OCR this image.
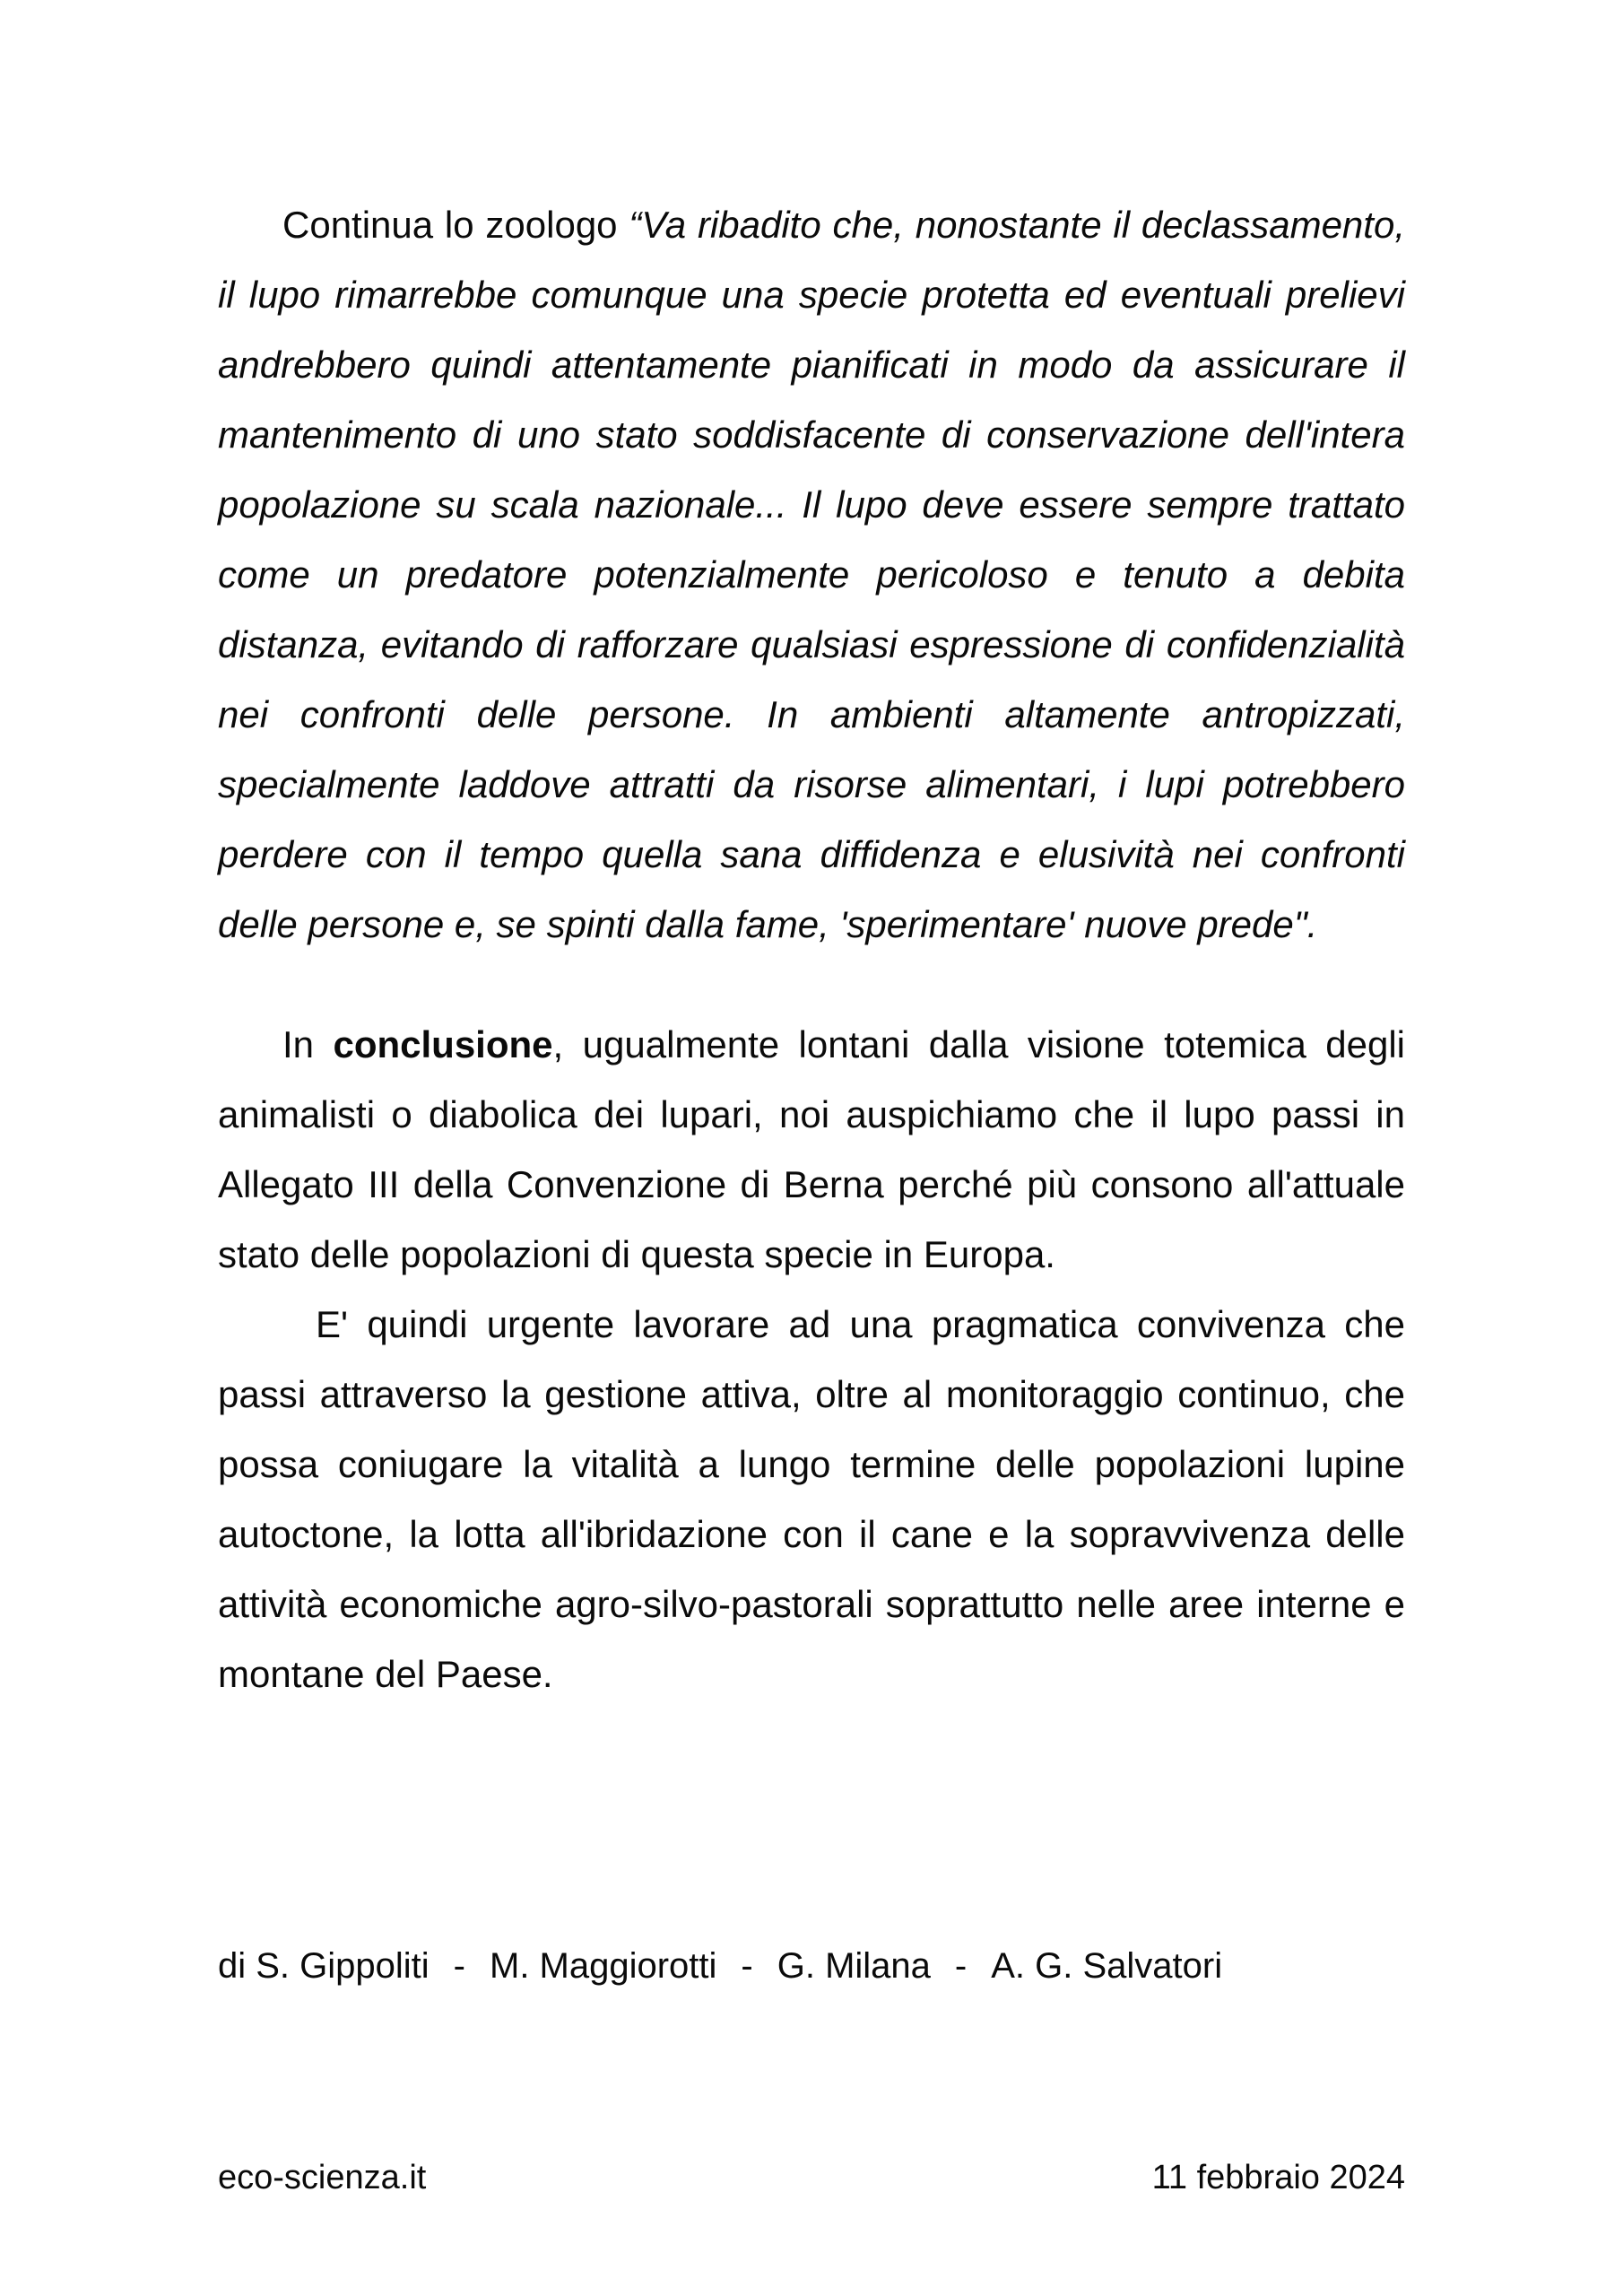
Continua lo zoologo “Va ribadito che, nonostante il declassamento, il lupo rimarrebbe comunque una specie protetta ed eventuali prelievi andrebbero quindi attentamente pianificati in modo da assicurare il mantenimento di uno stato soddisfacente di conservazione dell'intera popolazione su scala nazionale... Il lupo deve essere sempre trattato come un predatore potenzialmente pericoloso e tenuto a debita distanza, evitando di rafforzare qualsiasi espressione di confidenzialità nei confronti delle persone. In ambienti altamente antropizzati, specialmente laddove attratti da risorse alimentari, i lupi potrebbero perdere con il tempo quella sana diffidenza e elusività nei confronti delle persone e, se spinti dalla fame, 'sperimentare' nuove prede".

In conclusione, ugualmente lontani dalla visione totemica degli animalisti o diabolica dei lupari, noi auspichiamo che il lupo passi in Allegato III della Convenzione di Berna perché più consono all'attuale stato delle popolazioni di questa specie in Europa.

E' quindi urgente lavorare ad una pragmatica convivenza che passi attraverso la gestione attiva, oltre al monitoraggio continuo, che possa coniugare la vitalità a lungo termine delle popolazioni lupine autoctone, la lotta all'ibridazione con il cane e la sopravvivenza delle attività economiche agro-silvo-pastorali soprattutto nelle aree interne e montane del Paese.

di S. Gippoliti - M. Maggiorotti - G. Milana - A. G. Salvatori
eco-scienza.it	11 febbraio 2024
